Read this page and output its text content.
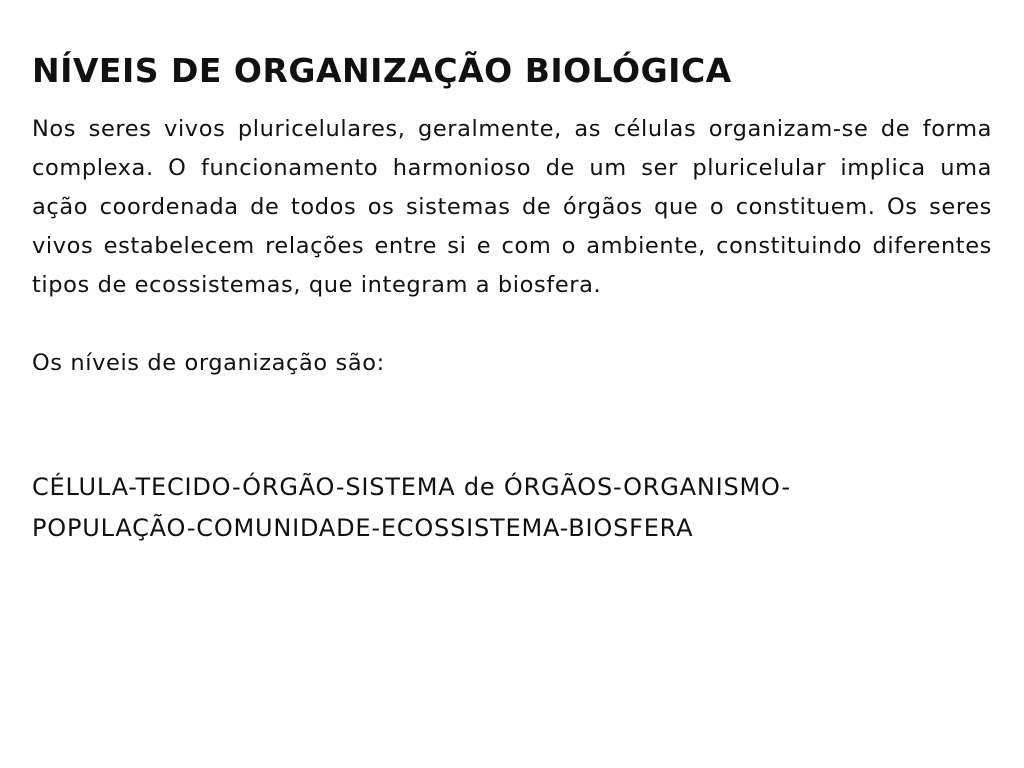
NÍVEIS DE ORGANIZAÇÃO BIOLÓGICA

Nos seres vivos pluricelulares, geralmente, as células organizam-se de forma complexa. O funcionamento harmonioso de um ser pluricelular implica uma ação coordenada de todos os sistemas de órgãos que o constituem. Os seres vivos estabelecem relações entre si e com o ambiente, constituindo diferentes tipos de ecossistemas, que integram a biosfera.

Os níveis de organização são:

CÉLULA-TECIDO-ÓRGÃO-SISTEMA de ÓRGÃOS-ORGANISMO-
POPULAÇÃO-COMUNIDADE-ECOSSISTEMA-BIOSFERA
